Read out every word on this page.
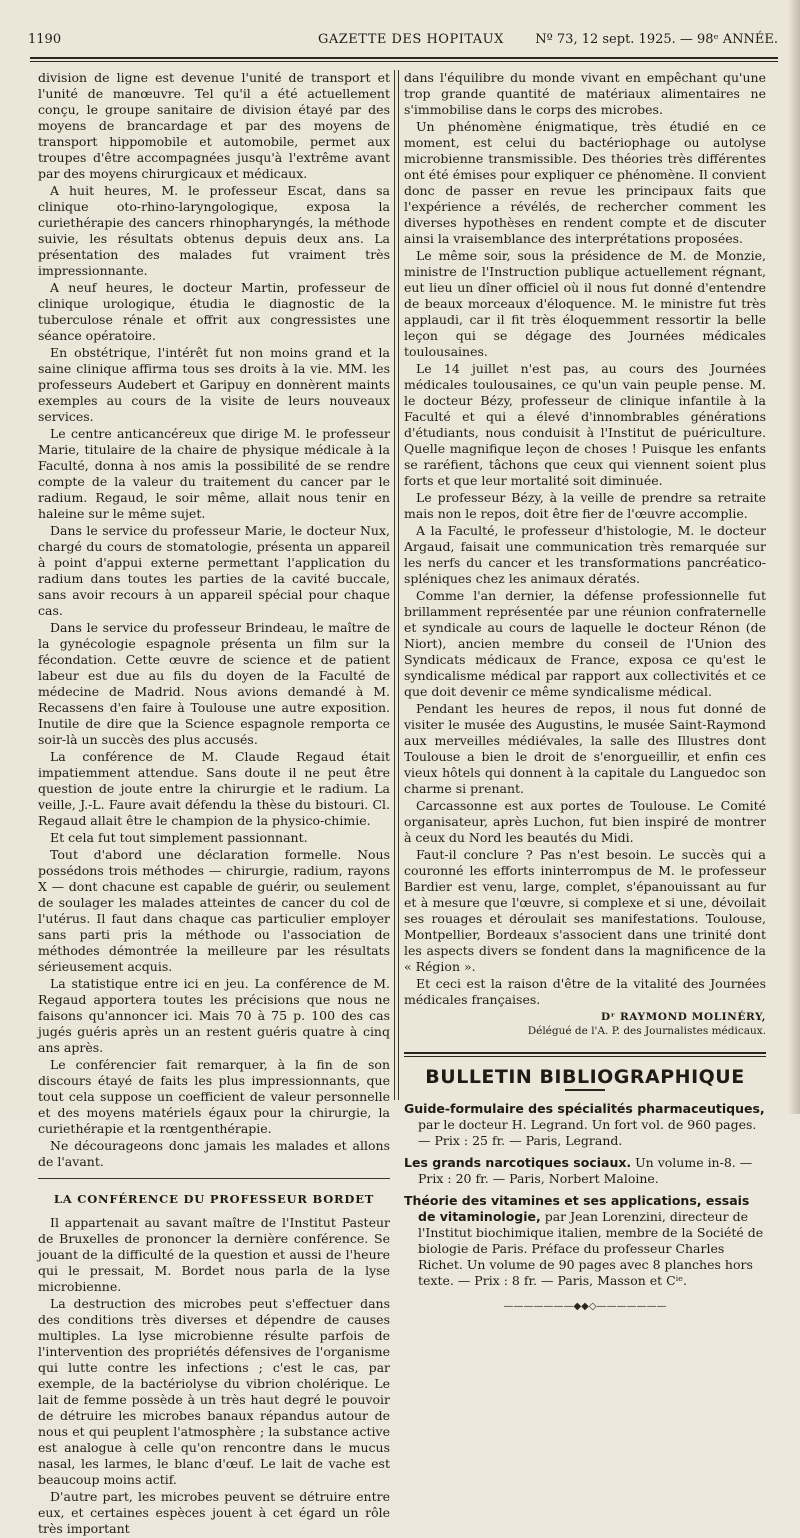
1190	GAZETTE DES HOPITAUX Nº 73, 12 sept. 1925. — 98ᵉ ANNÉE.

division de ligne est devenue l'unité de transport et l'unité de manœuvre. Tel qu'il a été actuellement conçu, le groupe sanitaire de division étayé par des moyens de brancardage et par des moyens de transport hippomobile et automobile, permet aux troupes d'être accompagnées jusqu'à l'extrême avant par des moyens chirurgicaux et médicaux.

A huit heures, M. le professeur Escat, dans sa clinique oto-rhino-laryngologique, exposa la curiethérapie des cancers rhinopharyngés, la méthode suivie, les résultats obtenus depuis deux ans. La présentation des malades fut vraiment très impressionnante.

A neuf heures, le docteur Martin, professeur de clinique urologique, étudia le diagnostic de la tuberculose rénale et offrit aux congressistes une séance opératoire.

En obstétrique, l'intérêt fut non moins grand et la saine clinique affirma tous ses droits à la vie. MM. les professeurs Audebert et Garipuy en donnèrent maints exemples au cours de la visite de leurs nouveaux services.

Le centre anticancéreux que dirige M. le professeur Marie, titulaire de la chaire de physique médicale à la Faculté, donna à nos amis la possibilité de se rendre compte de la valeur du traitement du cancer par le radium. Regaud, le soir même, allait nous tenir en haleine sur le même sujet.

Dans le service du professeur Marie, le docteur Nux, chargé du cours de stomatologie, présenta un appareil à point d'appui externe permettant l'application du radium dans toutes les parties de la cavité buccale, sans avoir recours à un appareil spécial pour chaque cas.

Dans le service du professeur Brindeau, le maître de la gynécologie espagnole présenta un film sur la fécondation. Cette œuvre de science et de patient labeur est due au fils du doyen de la Faculté de médecine de Madrid. Nous avions demandé à M. Recassens d'en faire à Toulouse une autre exposition. Inutile de dire que la Science espagnole remporta ce soir-là un succès des plus accusés.

La conférence de M. Claude Regaud était impatiemment attendue. Sans doute il ne peut être question de joute entre la chirurgie et le radium. La veille, J.-L. Faure avait défendu la thèse du bistouri. Cl. Regaud allait être le champion de la physico-chimie.

Et cela fut tout simplement passionnant.

Tout d'abord une déclaration formelle. Nous possédons trois méthodes — chirurgie, radium, rayons X — dont chacune est capable de guérir, ou seulement de soulager les malades atteintes de cancer du col de l'utérus. Il faut dans chaque cas particulier employer sans parti pris la méthode ou l'association de méthodes démontrée la meilleure par les résultats sérieusement acquis.

La statistique entre ici en jeu. La conférence de M. Regaud apportera toutes les précisions que nous ne faisons qu'annoncer ici. Mais 70 à 75 p. 100 des cas jugés guéris après un an restent guéris quatre à cinq ans après.

Le conférencier fait remarquer, à la fin de son discours étayé de faits les plus impressionnants, que tout cela suppose un coefficient de valeur personnelle et des moyens matériels égaux pour la chirurgie, la curiethérapie et la rœntgenthérapie.

Ne décourageons donc jamais les malades et allons de l'avant.

LA CONFÉRENCE DU PROFESSEUR BORDET

Il appartenait au savant maître de l'Institut Pasteur de Bruxelles de prononcer la dernière conférence. Se jouant de la difficulté de la question et aussi de l'heure qui le pressait, M. Bordet nous parla de la lyse microbienne.

La destruction des microbes peut s'effectuer dans des conditions très diverses et dépendre de causes multiples. La lyse microbienne résulte parfois de l'intervention des propriétés défensives de l'organisme qui lutte contre les infections ; c'est le cas, par exemple, de la bactériolyse du vibrion cholérique. Le lait de femme possède à un très haut degré le pouvoir de détruire les microbes banaux répandus autour de nous et qui peuplent l'atmosphère ; la substance active est analogue à celle qu'on rencontre dans le mucus nasal, les larmes, le blanc d'œuf. Le lait de vache est beaucoup moins actif.

D'autre part, les microbes peuvent se détruire entre eux, et certaines espèces jouent à cet égard un rôle très important

dans l'équilibre du monde vivant en empêchant qu'une trop grande quantité de matériaux alimentaires ne s'immobilise dans le corps des microbes.

Un phénomène énigmatique, très étudié en ce moment, est celui du bactériophage ou autolyse microbienne transmissible. Des théories très différentes ont été émises pour expliquer ce phénomène. Il convient donc de passer en revue les principaux faits que l'expérience a révélés, de rechercher comment les diverses hypothèses en rendent compte et de discuter ainsi la vraisemblance des interprétations proposées.

Le même soir, sous la présidence de M. de Monzie, ministre de l'Instruction publique actuellement régnant, eut lieu un dîner officiel où il nous fut donné d'entendre de beaux morceaux d'éloquence. M. le ministre fut très applaudi, car il fit très éloquemment ressortir la belle leçon qui se dégage des Journées médicales toulousaines.

Le 14 juillet n'est pas, au cours des Journées médicales toulousaines, ce qu'un vain peuple pense. M. le docteur Bézy, professeur de clinique infantile à la Faculté et qui a élevé d'innombrables générations d'étudiants, nous conduisit à l'Institut de puériculture. Quelle magnifique leçon de choses ! Puisque les enfants se raréfient, tâchons que ceux qui viennent soient plus forts et que leur mortalité soit diminuée.

Le professeur Bézy, à la veille de prendre sa retraite mais non le repos, doit être fier de l'œuvre accomplie.

A la Faculté, le professeur d'histologie, M. le docteur Argaud, faisait une communication très remarquée sur les nerfs du cancer et les transformations pancréatico-spléniques chez les animaux dératés.

Comme l'an dernier, la défense professionnelle fut brillamment représentée par une réunion confraternelle et syndicale au cours de laquelle le docteur Rénon (de Niort), ancien membre du conseil de l'Union des Syndicats médicaux de France, exposa ce qu'est le syndicalisme médical par rapport aux collectivités et ce que doit devenir ce même syndicalisme médical.

Pendant les heures de repos, il nous fut donné de visiter le musée des Augustins, le musée Saint-Raymond aux merveilles médiévales, la salle des Illustres dont Toulouse a bien le droit de s'enorgueillir, et enfin ces vieux hôtels qui donnent à la capitale du Languedoc son charme si prenant.

Carcassonne est aux portes de Toulouse. Le Comité organisateur, après Luchon, fut bien inspiré de montrer à ceux du Nord les beautés du Midi.

Faut-il conclure ? Pas n'est besoin. Le succès qui a couronné les efforts ininterrompus de M. le professeur Bardier est venu, large, complet, s'épanouissant au fur et à mesure que l'œuvre, si complexe et si une, dévoilait ses rouages et déroulait ses manifestations. Toulouse, Montpellier, Bordeaux s'associent dans une trinité dont les aspects divers se fondent dans la magnificence de la « Région ».

Et ceci est la raison d'être de la vitalité des Journées médicales françaises.

Dʳ RAYMOND MOLINÉRY,
Délégué de l'A. P. des Journalistes médicaux.
BULLETIN BIBLIOGRAPHIQUE

Guide-formulaire des spécialités pharmaceutiques, par le docteur H. Legrand. Un fort vol. de 960 pages. — Prix : 25 fr. — Paris, Legrand.

Les grands narcotiques sociaux. Un volume in-8. — Prix : 20 fr. — Paris, Norbert Maloine.

Théorie des vitamines et ses applications, essais de vitaminologie, par Jean Lorenzini, directeur de l'Institut biochimique italien, membre de la Société de biologie de Paris. Préface du professeur Charles Richet. Un volume de 90 pages avec 8 planches hors texte. — Prix : 8 fr. — Paris, Masson et Cⁱᵉ.

———————◆◆◇———————
